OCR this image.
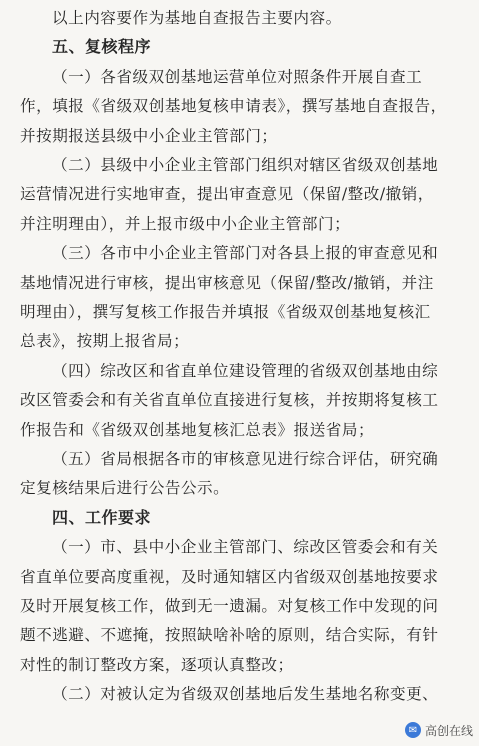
以上内容要作为基地自查报告主要内容。
五、复核程序
（一）各省级双创基地运营单位对照条件开展自查工
作，填报《省级双创基地复核申请表》，撰写基地自查报告，
并按期报送县级中小企业主管部门；
（二）县级中小企业主管部门组织对辖区省级双创基地
运营情况进行实地审查，提出审查意见（保留/整改/撤销，
并注明理由），并上报市级中小企业主管部门；
（三）各市中小企业主管部门对各县上报的审查意见和
基地情况进行审核，提出审核意见（保留/整改/撤销，并注
明理由），撰写复核工作报告并填报《省级双创基地复核汇
总表》，按期上报省局；
（四）综改区和省直单位建设管理的省级双创基地由综
改区管委会和有关省直单位直接进行复核，并按期将复核工
作报告和《省级双创基地复核汇总表》报送省局；
（五）省局根据各市的审核意见进行综合评估，研究确
定复核结果后进行公告公示。
四、工作要求
（一）市、县中小企业主管部门、综改区管委会和有关
省直单位要高度重视，及时通知辖区内省级双创基地按要求
及时开展复核工作，做到无一遗漏。对复核工作中发现的问
题不逃避、不遮掩，按照缺啥补啥的原则，结合实际，有针
对性的制订整改方案，逐项认真整改；
（二）对被认定为省级双创基地后发生基地名称变更、
✉ 高创在线
